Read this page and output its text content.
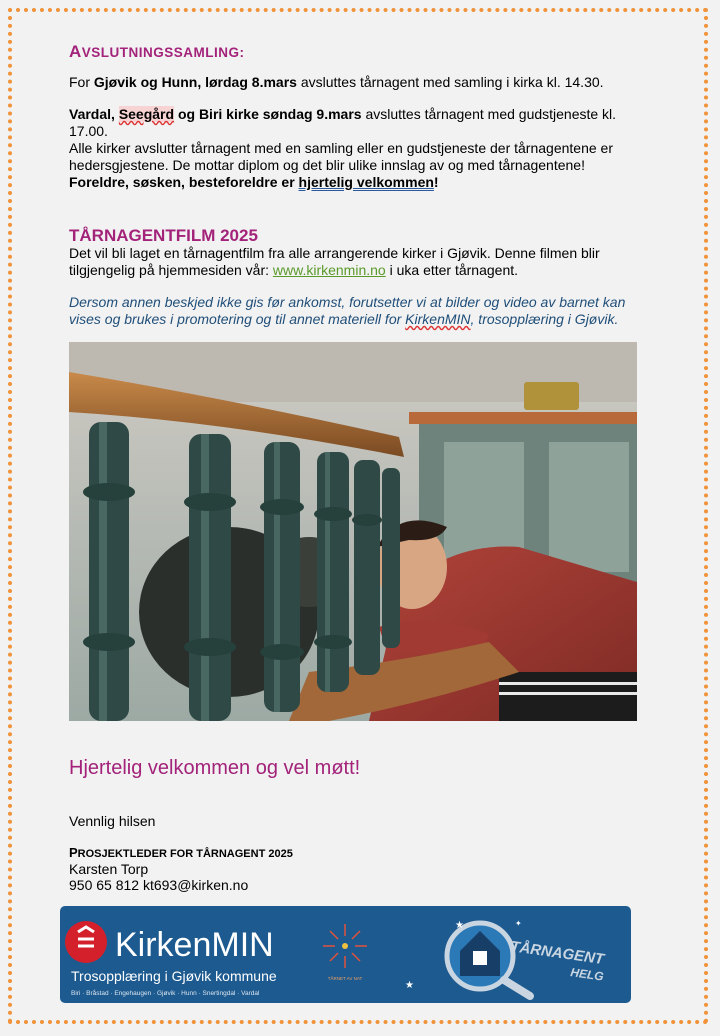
AVSLUTNINGSSAMLING:

For Gjøvik og Hunn, lørdag 8.mars avsluttes tårnagent med samling i kirka kl. 14.30.

Vardal, Seegård og Biri kirke søndag 9.mars avsluttes tårnagent med gudstjeneste kl. 17.00.
Alle kirker avslutter tårnagent med en samling eller en gudstjeneste der tårnagentene er hedersgjestene. De mottar diplom og det blir ulike innslag av og med tårnagentene!
Foreldre, søsken, besteforeldre er hjertelig velkommen!

TÅRNAGENTFILM 2025

Det vil bli laget en tårnagentfilm fra alle arrangerende kirker i Gjøvik. Denne filmen blir tilgjengelig på hjemmesiden vår: www.kirkenmin.no i uka etter tårnagent.

Dersom annen beskjed ikke gis før ankomst, forutsetter vi at bilder og video av barnet kan vises og brukes i promotering og til annet materiell for KirkenMIN, trosopplæring i Gjøvik.

Hjertelig velkommen og vel møtt!
Vennlig hilsen
PROSJEKTLEDER FOR TÅRNAGENT 2025
Karsten Torp
950 65 812 kt693@kirken.no
KirkenMIN
Trosopplæring i Gjøvik kommune
Biri · Bråstad · Engehaugen · Gjøvik · Hunn · Snertingdal · Vardal
TÅRNET AV NAT
★
★
✦
TÅRNAGENT
HELG
